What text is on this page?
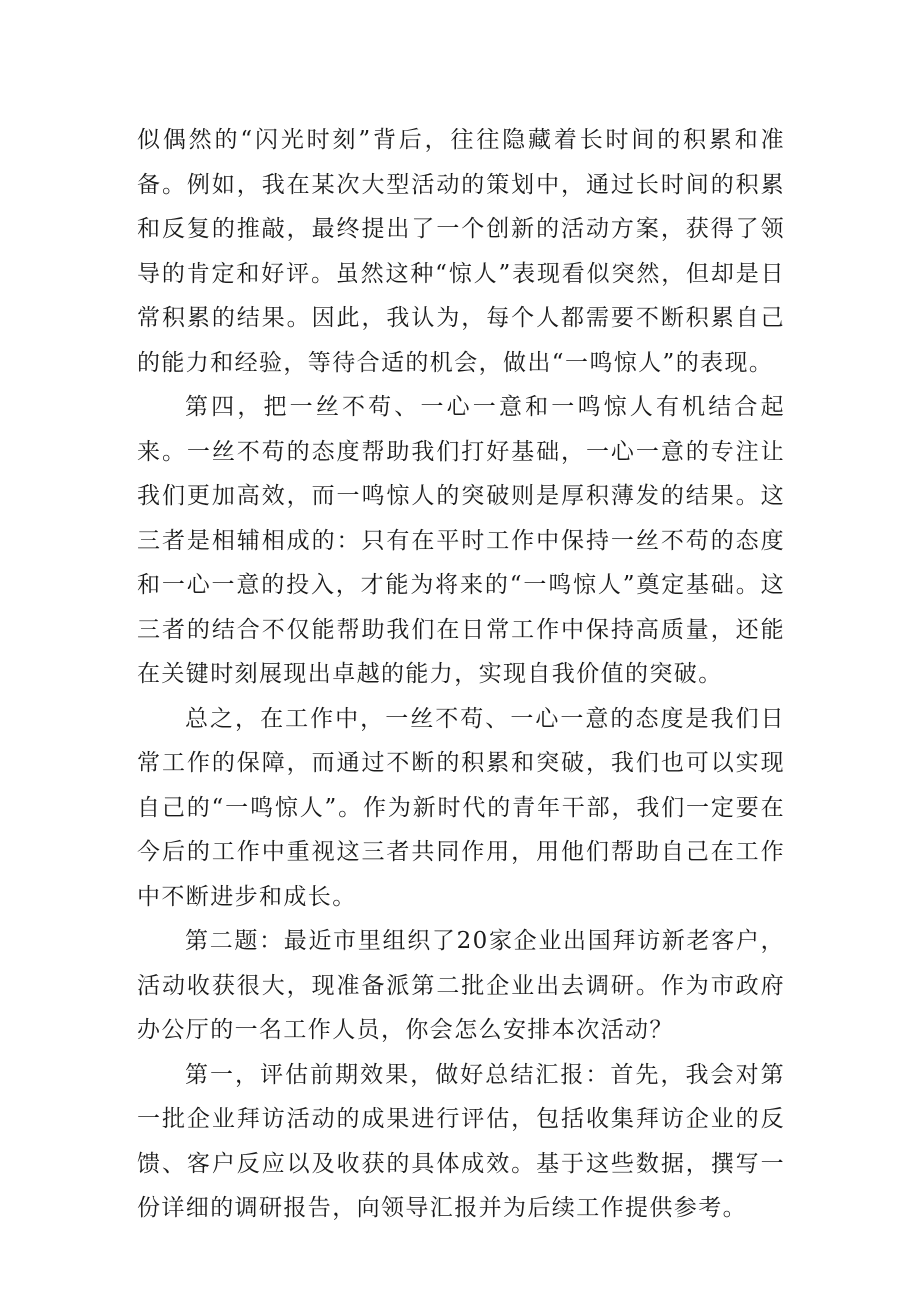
似偶然的“闪光时刻”背后，往往隐藏着长时间的积累和准备。例如，我在某次大型活动的策划中，通过长时间的积累和反复的推敲，最终提出了一个创新的活动方案，获得了领导的肯定和好评。虽然这种“惊人”表现看似突然，但却是日常积累的结果。因此，我认为，每个人都需要不断积累自己的能力和经验，等待合适的机会，做出“一鸣惊人”的表现。

第四，把一丝不苟、一心一意和一鸣惊人有机结合起来。一丝不苟的态度帮助我们打好基础，一心一意的专注让我们更加高效，而一鸣惊人的突破则是厚积薄发的结果。这三者是相辅相成的：只有在平时工作中保持一丝不苟的态度和一心一意的投入，才能为将来的“一鸣惊人”奠定基础。这三者的结合不仅能帮助我们在日常工作中保持高质量，还能在关键时刻展现出卓越的能力，实现自我价值的突破。

总之，在工作中，一丝不苟、一心一意的态度是我们日常工作的保障，而通过不断的积累和突破，我们也可以实现自己的“一鸣惊人”。作为新时代的青年干部，我们一定要在今后的工作中重视这三者共同作用，用他们帮助自己在工作中不断进步和成长。

第二题：最近市里组织了20家企业出国拜访新老客户，活动收获很大，现准备派第二批企业出去调研。作为市政府办公厅的一名工作人员，你会怎么安排本次活动？

第一，评估前期效果，做好总结汇报：首先，我会对第一批企业拜访活动的成果进行评估，包括收集拜访企业的反馈、客户反应以及收获的具体成效。基于这些数据，撰写一份详细的调研报告，向领导汇报并为后续工作提供参考。
